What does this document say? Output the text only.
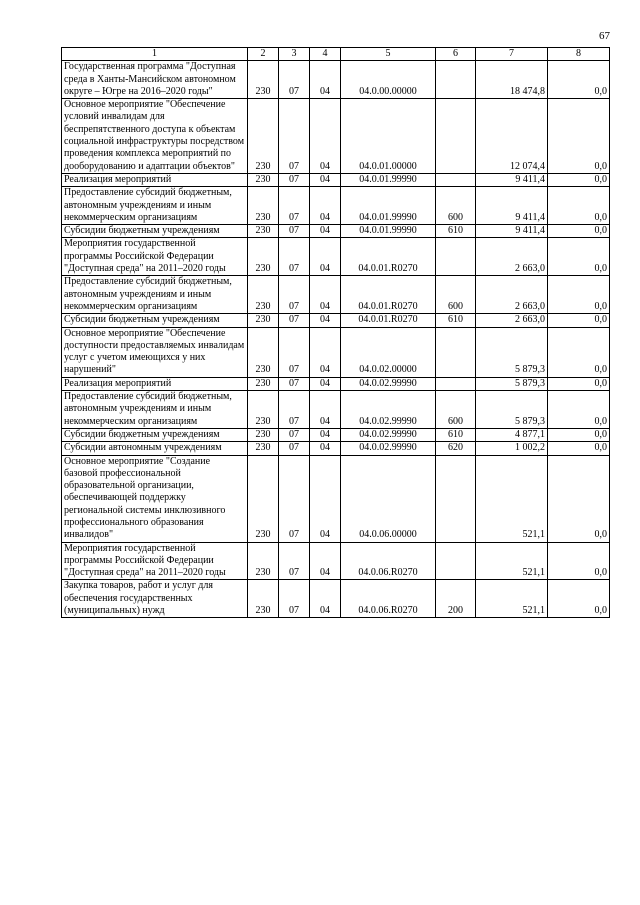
67
1	2	3	4	5	6	7	8
Государственная программа "Доступная среда в Ханты-Мансийском автономном округе – Югре на 2016–2020 годы"	230	07	04	04.0.00.00000		18 474,8	0,0
Основное мероприятие "Обеспечение условий инвалидам для беспрепятственного доступа к объектам социальной инфраструктуры посредством проведения комплекса мероприятий по дооборудованию и адаптации объектов"	230	07	04	04.0.01.00000		12 074,4	0,0
Реализация мероприятий	230	07	04	04.0.01.99990		9 411,4	0,0
Предоставление субсидий бюджетным, автономным учреждениям и иным некоммерческим организациям	230	07	04	04.0.01.99990	600	9 411,4	0,0
Субсидии бюджетным учреждениям	230	07	04	04.0.01.99990	610	9 411,4	0,0
Мероприятия государственной программы Российской Федерации "Доступная среда" на 2011–2020 годы	230	07	04	04.0.01.R0270		2 663,0	0,0
Предоставление субсидий бюджетным, автономным учреждениям и иным некоммерческим организациям	230	07	04	04.0.01.R0270	600	2 663,0	0,0
Субсидии бюджетным учреждениям	230	07	04	04.0.01.R0270	610	2 663,0	0,0
Основное мероприятие "Обеспечение доступности предоставляемых инвалидам услуг с учетом имеющихся у них нарушений"	230	07	04	04.0.02.00000		5 879,3	0,0
Реализация мероприятий	230	07	04	04.0.02.99990		5 879,3	0,0
Предоставление субсидий бюджетным, автономным учреждениям и иным некоммерческим организациям	230	07	04	04.0.02.99990	600	5 879,3	0,0
Субсидии бюджетным учреждениям	230	07	04	04.0.02.99990	610	4 877,1	0,0
Субсидии автономным учреждениям	230	07	04	04.0.02.99990	620	1 002,2	0,0
Основное мероприятие "Создание базовой профессиональной образовательной организации, обеспечивающей поддержку региональной системы инклюзивного профессионального образования инвалидов"	230	07	04	04.0.06.00000		521,1	0,0
Мероприятия государственной программы Российской Федерации "Доступная среда" на 2011–2020 годы	230	07	04	04.0.06.R0270		521,1	0,0
Закупка товаров, работ и услуг для обеспечения государственных (муниципальных) нужд	230	07	04	04.0.06.R0270	200	521,1	0,0
